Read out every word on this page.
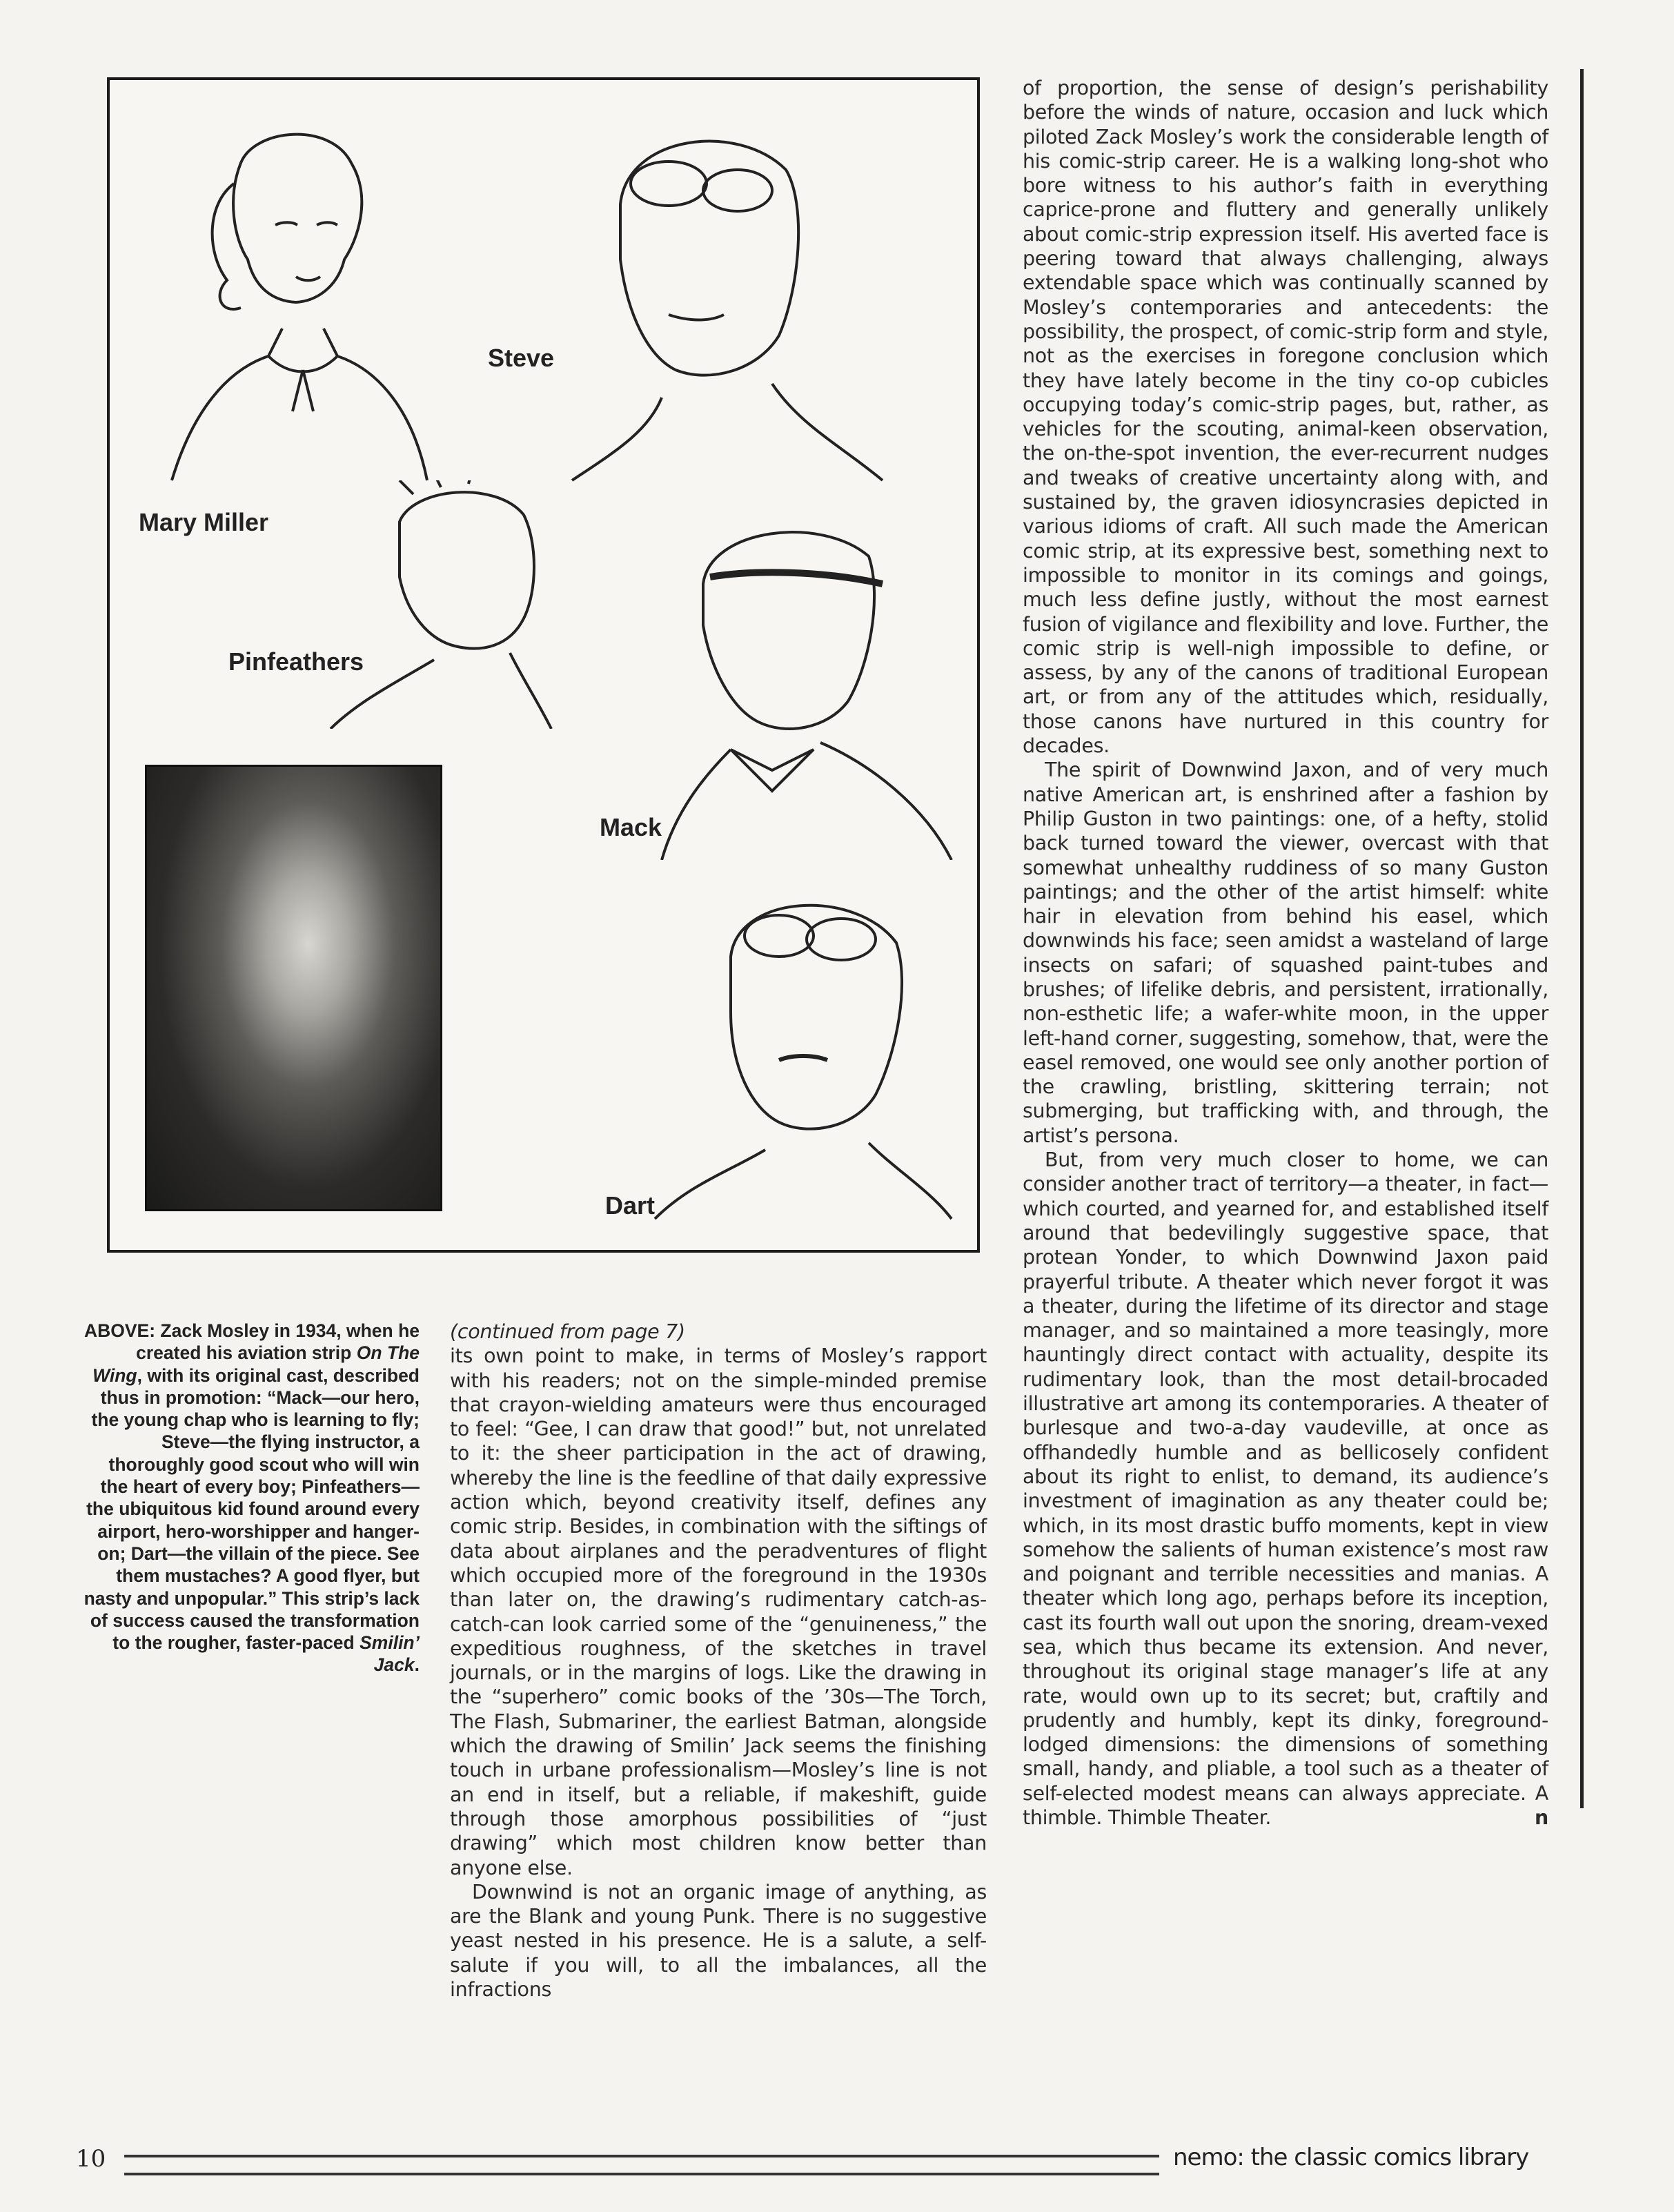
Mary Miller
Steve
Pinfeathers
Mack
Dart
ABOVE: Zack Mosley in 1934, when he created his aviation strip On The Wing, with its original cast, described thus in promotion: “Mack—our hero, the young chap who is learning to fly; Steve—the flying instructor, a thoroughly good scout who will win the heart of every boy; Pinfeathers—the ubiquitous kid found around every airport, hero-worshipper and hanger-on; Dart—the villain of the piece. See them mustaches? A good flyer, but nasty and unpopular.” This strip’s lack of success caused the transformation to the rougher, faster-paced Smilin’ Jack.
(continued from page 7)

its own point to make, in terms of Mosley’s rapport with his readers; not on the simple-minded premise that crayon-wielding amateurs were thus encouraged to feel: “Gee, I can draw that good!” but, not unrelated to it: the sheer participation in the act of drawing, whereby the line is the feedline of that daily expressive action which, beyond creativity itself, defines any comic strip. Besides, in combination with the siftings of data about airplanes and the peradventures of flight which occupied more of the foreground in the 1930s than later on, the drawing’s rudimentary catch-as-catch-can look carried some of the “genuineness,” the expeditious roughness, of the sketches in travel journals, or in the margins of logs. Like the drawing in the “superhero” comic books of the ’30s—The Torch, The Flash, Submariner, the earliest Batman, alongside which the drawing of Smilin’ Jack seems the finishing touch in urbane professionalism—Mosley’s line is not an end in itself, but a reliable, if makeshift, guide through those amorphous possibilities of “just drawing” which most children know better than anyone else.

Downwind is not an organic image of anything, as are the Blank and young Punk. There is no suggestive yeast nested in his presence. He is a salute, a self-salute if you will, to all the imbalances, all the infractions

of proportion, the sense of design’s perishability before the winds of nature, occasion and luck which piloted Zack Mosley’s work the considerable length of his comic-strip career. He is a walking long-shot who bore witness to his author’s faith in everything caprice-prone and fluttery and generally unlikely about comic-strip expression itself. His averted face is peering toward that always challenging, always extendable space which was continually scanned by Mosley’s contemporaries and antecedents: the possibility, the prospect, of comic-strip form and style, not as the exercises in foregone conclusion which they have lately become in the tiny co-op cubicles occupying today’s comic-strip pages, but, rather, as vehicles for the scouting, animal-keen observation, the on-the-spot invention, the ever-recurrent nudges and tweaks of creative uncertainty along with, and sustained by, the graven idiosyncrasies depicted in various idioms of craft. All such made the American comic strip, at its expressive best, something next to impossible to monitor in its comings and goings, much less define justly, without the most earnest fusion of vigilance and flexibility and love. Further, the comic strip is well-nigh impossible to define, or assess, by any of the canons of traditional European art, or from any of the attitudes which, residually, those canons have nurtured in this country for decades.

The spirit of Downwind Jaxon, and of very much native American art, is enshrined after a fashion by Philip Guston in two paintings: one, of a hefty, stolid back turned toward the viewer, overcast with that somewhat unhealthy ruddiness of so many Guston paintings; and the other of the artist himself: white hair in elevation from behind his easel, which downwinds his face; seen amidst a wasteland of large insects on safari; of squashed paint-tubes and brushes; of lifelike debris, and persistent, irrationally, non-esthetic life; a wafer-white moon, in the upper left-hand corner, suggesting, somehow, that, were the easel removed, one would see only another portion of the crawling, bristling, skittering terrain; not submerging, but trafficking with, and through, the artist’s persona.

But, from very much closer to home, we can consider another tract of territory—a theater, in fact—which courted, and yearned for, and established itself around that bedevilingly suggestive space, that protean Yonder, to which Downwind Jaxon paid prayerful tribute. A theater which never forgot it was a theater, during the lifetime of its director and stage manager, and so maintained a more teasingly, more hauntingly direct contact with actuality, despite its rudimentary look, than the most detail-brocaded illustrative art among its contemporaries. A theater of burlesque and two-a-day vaudeville, at once as offhandedly humble and as bellicosely confident about its right to enlist, to demand, its audience’s investment of imagination as any theater could be; which, in its most drastic buffo moments, kept in view somehow the salients of human existence’s most raw and poignant and terrible necessities and manias. A theater which long ago, perhaps before its inception, cast its fourth wall out upon the snoring, dream-vexed sea, which thus became its extension. And never, throughout its original stage manager’s life at any rate, would own up to its secret; but, craftily and prudently and humbly, kept its dinky, foreground-lodged dimensions: the dimensions of something small, handy, and pliable, a tool such as a theater of self-elected modest means can always appreciate. A thimble. Thimble Theater.	n

10	nemo: the classic comics library
